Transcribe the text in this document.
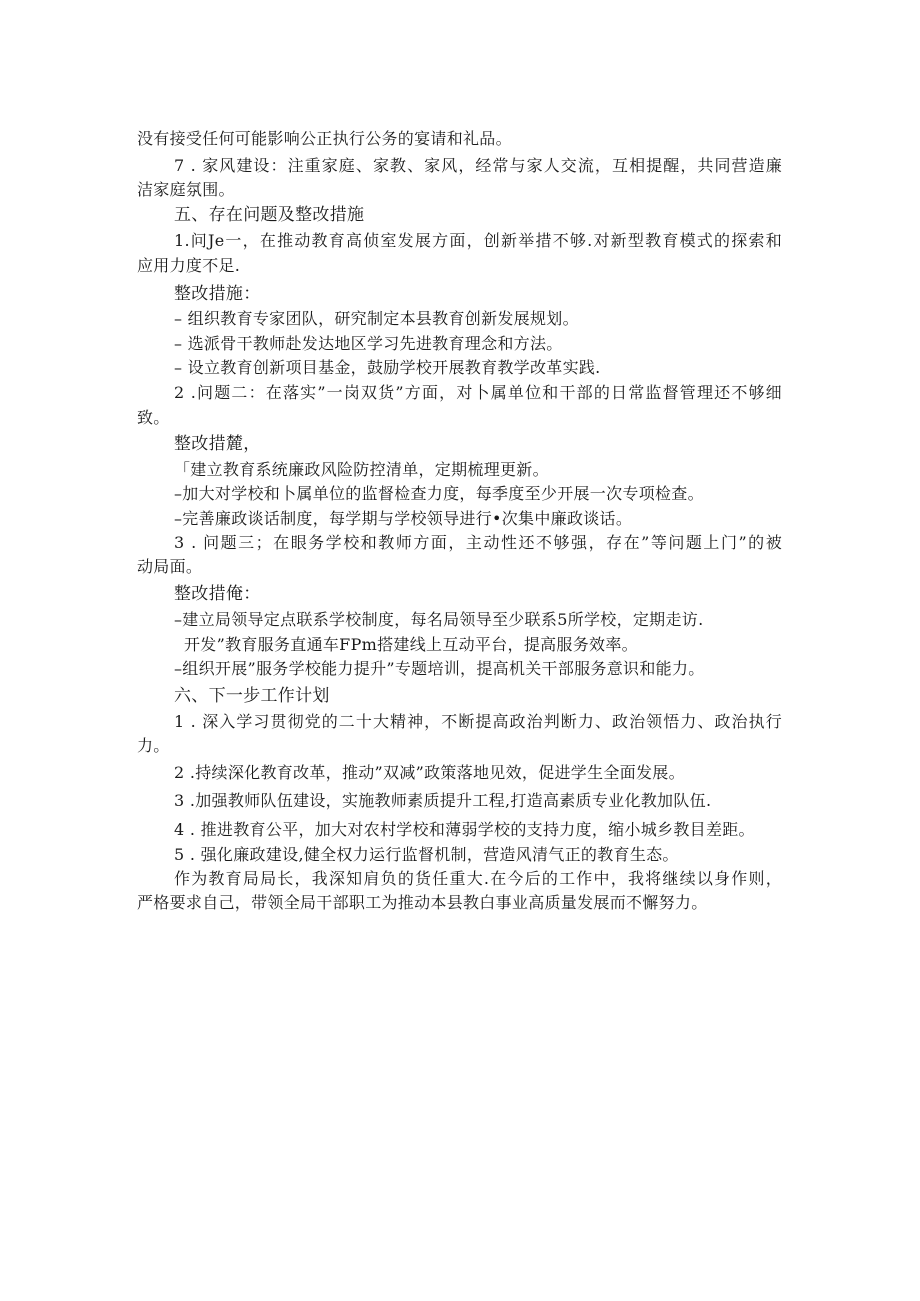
没有接受任何可能影响公正执行公务的宴请和礼品。
7 . 家风建设：注重家庭、家教、家风，经常与家人交流，互相提醒，共同营造廉
洁家庭氛围。
五、存在问题及整改措施
1.问Je一，在推动教育高侦室发展方面，创新举措不够.对新型教育模式的探索和
应用力度不足.
整改措施：
– 组织教育专家团队，研究制定本县教育创新发展规划。
– 选派骨干教师赴发达地区学习先进教育理念和方法。
– 设立教育创新项目基金，鼓励学校开展教育教学改革实践.
2 .问题二：在落实”一岗双货”方面，对卜属单位和干部的日常监督管理还不够细
致。
整改措麓，
「建立教育系统廉政风险防控清单，定期梳理更新。
–加大对学校和卜属单位的监督检查力度，每季度至少开展一次专项检查。
–完善廉政谈话制度，每学期与学校领导进行•次集中廉政谈话。
3 . 问题三；在眼务学校和教师方面，主动性还不够强，存在”等问题上门”的被
动局面。
整改措俺：
–建立局领导定点联系学校制度，每名局领导至少联系5所学校，定期走访.
开发”教育服务直通车FPm搭建线上互动平台，提高服务效率。
–组织开展”服务学校能力提升”专题培训，提高机关干部服务意识和能力。
六、下一步工作计划
1 . 深入学习贯彻党的二十大精神，不断提高政治判断力、政治领悟力、政治执行
力。
2 .持续深化教育改革，推动”双减”政策落地见效，促进学生全面发展。
3 .加强教师队伍建设，实施教师素质提升工程,打造高素质专业化教加队伍.
4 . 推进教育公平，加大对农村学校和薄弱学校的支持力度，缩小城乡教目差距。
5 . 强化廉政建设,健全权力运行监督机制，营造风清气正的教育生态。
作为教育局局长，我深知肩负的货任重大.在今后的工作中，我将继续以身作则，
严格要求自己，带领全局干部职工为推动本县教白事业高质量发展而不懈努力。
